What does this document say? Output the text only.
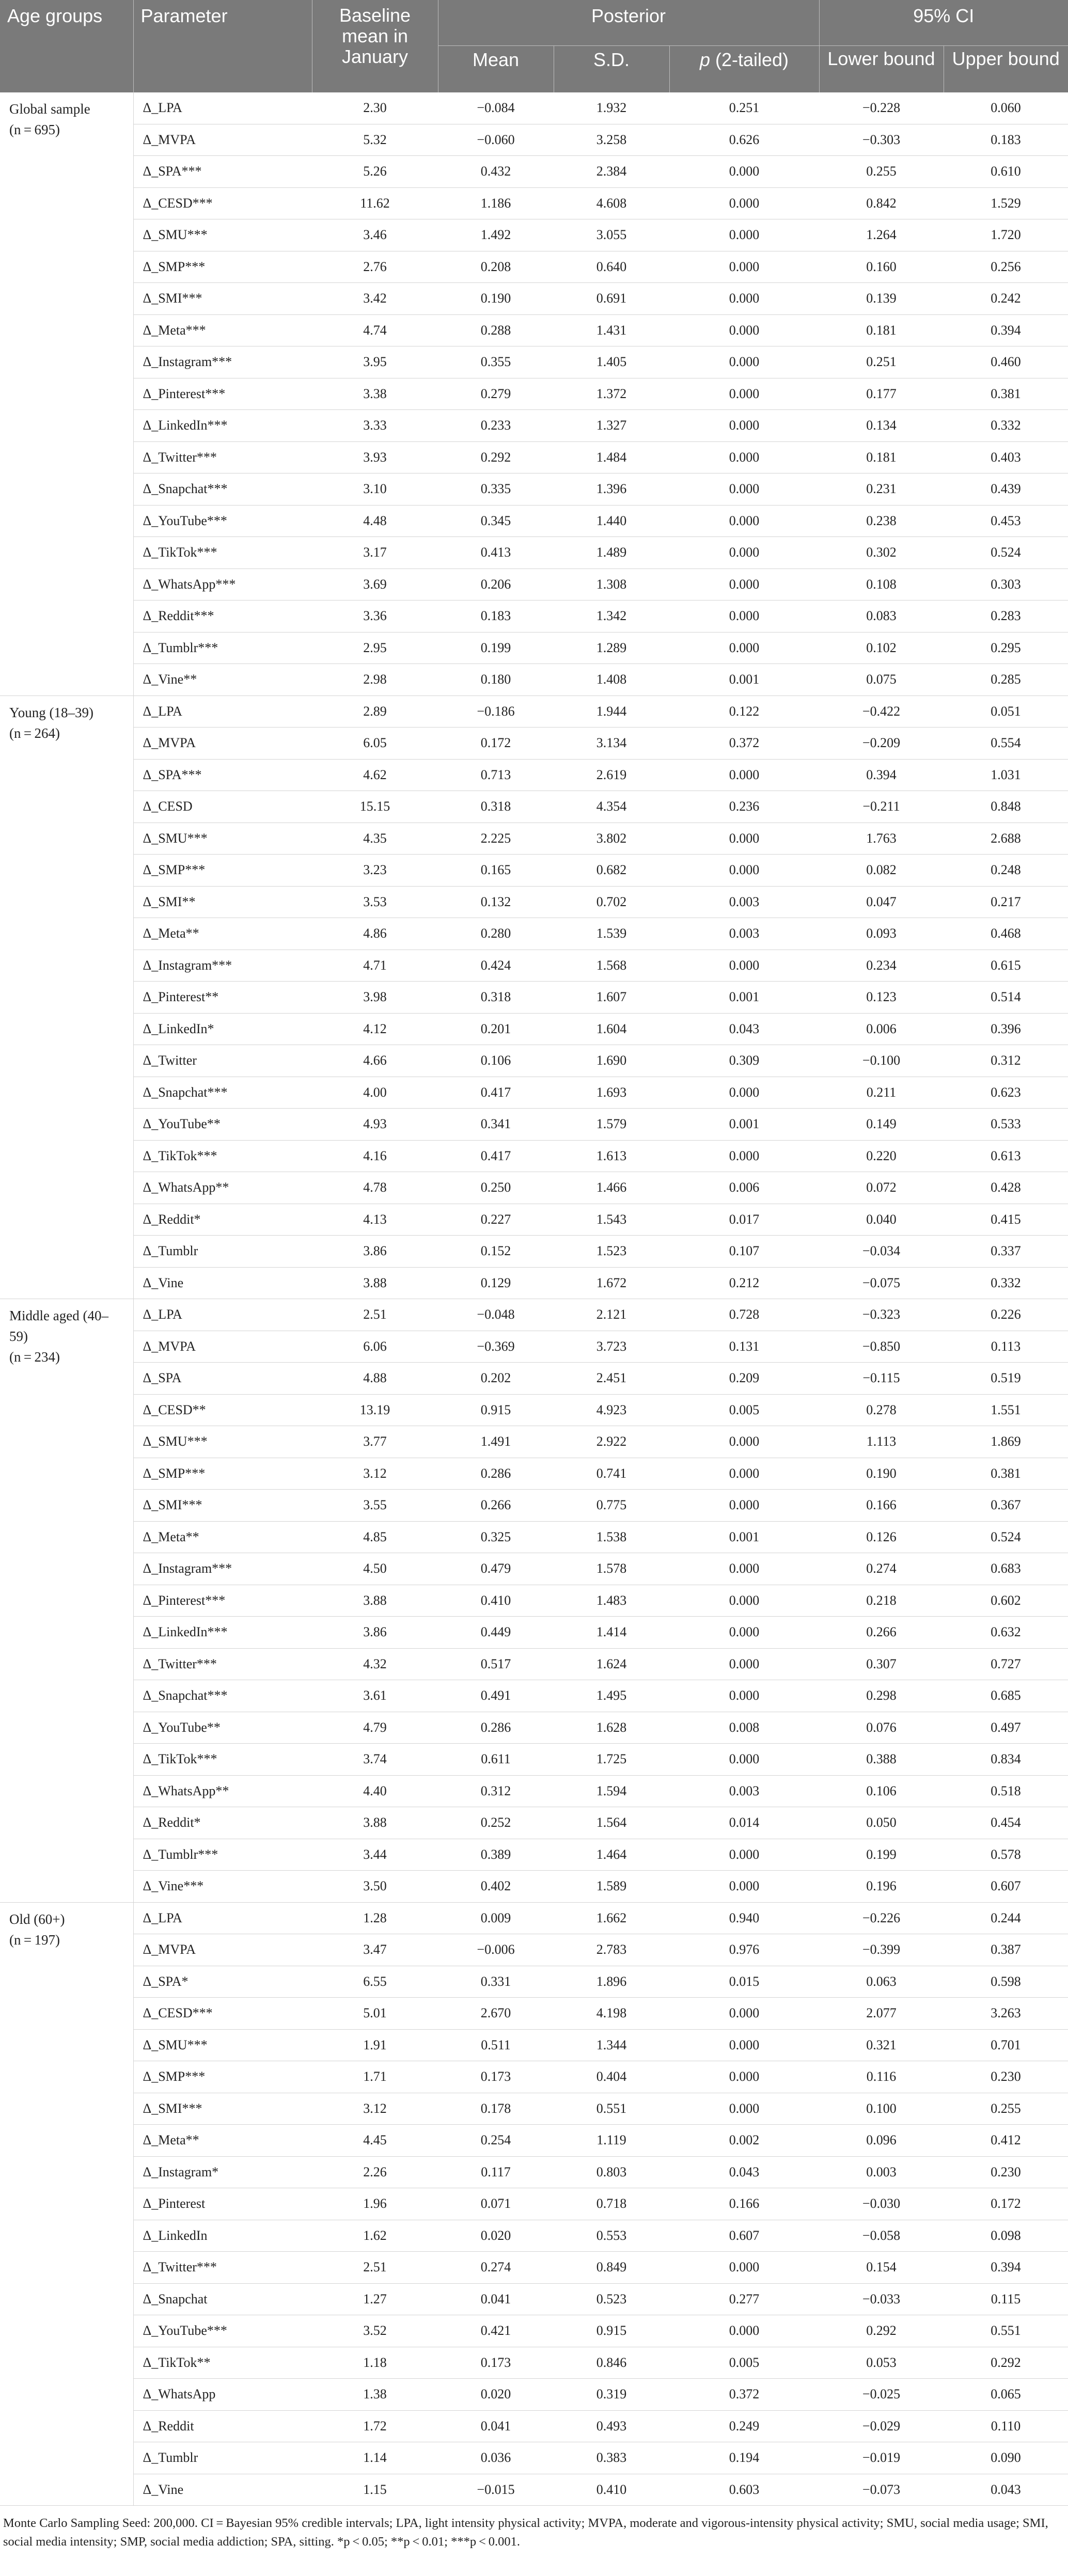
Age groups	Parameter	Baseline mean in January	Posterior			95% CI	
			Mean	S.D.	p (2-tailed)	Lower bound	Upper bound

Global sample
(n = 695)	Δ_LPA	2.30	−0.084	1.932	0.251	−0.228	0.060
	Δ_MVPA	5.32	−0.060	3.258	0.626	−0.303	0.183
	Δ_SPA***	5.26	0.432	2.384	0.000	0.255	0.610
	Δ_CESD***	11.62	1.186	4.608	0.000	0.842	1.529
	Δ_SMU***	3.46	1.492	3.055	0.000	1.264	1.720
	Δ_SMP***	2.76	0.208	0.640	0.000	0.160	0.256
	Δ_SMI***	3.42	0.190	0.691	0.000	0.139	0.242
	Δ_Meta***	4.74	0.288	1.431	0.000	0.181	0.394
	Δ_Instagram***	3.95	0.355	1.405	0.000	0.251	0.460
	Δ_Pinterest***	3.38	0.279	1.372	0.000	0.177	0.381
	Δ_LinkedIn***	3.33	0.233	1.327	0.000	0.134	0.332
	Δ_Twitter***	3.93	0.292	1.484	0.000	0.181	0.403
	Δ_Snapchat***	3.10	0.335	1.396	0.000	0.231	0.439
	Δ_YouTube***	4.48	0.345	1.440	0.000	0.238	0.453
	Δ_TikTok***	3.17	0.413	1.489	0.000	0.302	0.524
	Δ_WhatsApp***	3.69	0.206	1.308	0.000	0.108	0.303
	Δ_Reddit***	3.36	0.183	1.342	0.000	0.083	0.283
	Δ_Tumblr***	2.95	0.199	1.289	0.000	0.102	0.295
	Δ_Vine**	2.98	0.180	1.408	0.001	0.075	0.285

Young (18–39)
(n = 264)	Δ_LPA	2.89	−0.186	1.944	0.122	−0.422	0.051
	Δ_MVPA	6.05	0.172	3.134	0.372	−0.209	0.554
	Δ_SPA***	4.62	0.713	2.619	0.000	0.394	1.031
	Δ_CESD	15.15	0.318	4.354	0.236	−0.211	0.848
	Δ_SMU***	4.35	2.225	3.802	0.000	1.763	2.688
	Δ_SMP***	3.23	0.165	0.682	0.000	0.082	0.248
	Δ_SMI**	3.53	0.132	0.702	0.003	0.047	0.217
	Δ_Meta**	4.86	0.280	1.539	0.003	0.093	0.468
	Δ_Instagram***	4.71	0.424	1.568	0.000	0.234	0.615
	Δ_Pinterest**	3.98	0.318	1.607	0.001	0.123	0.514
	Δ_LinkedIn*	4.12	0.201	1.604	0.043	0.006	0.396
	Δ_Twitter	4.66	0.106	1.690	0.309	−0.100	0.312
	Δ_Snapchat***	4.00	0.417	1.693	0.000	0.211	0.623
	Δ_YouTube**	4.93	0.341	1.579	0.001	0.149	0.533
	Δ_TikTok***	4.16	0.417	1.613	0.000	0.220	0.613
	Δ_WhatsApp**	4.78	0.250	1.466	0.006	0.072	0.428
	Δ_Reddit*	4.13	0.227	1.543	0.017	0.040	0.415
	Δ_Tumblr	3.86	0.152	1.523	0.107	−0.034	0.337
	Δ_Vine	3.88	0.129	1.672	0.212	−0.075	0.332

Middle aged (40–59)
(n = 234)	Δ_LPA	2.51	−0.048	2.121	0.728	−0.323	0.226
	Δ_MVPA	6.06	−0.369	3.723	0.131	−0.850	0.113
	Δ_SPA	4.88	0.202	2.451	0.209	−0.115	0.519
	Δ_CESD**	13.19	0.915	4.923	0.005	0.278	1.551
	Δ_SMU***	3.77	1.491	2.922	0.000	1.113	1.869
	Δ_SMP***	3.12	0.286	0.741	0.000	0.190	0.381
	Δ_SMI***	3.55	0.266	0.775	0.000	0.166	0.367
	Δ_Meta**	4.85	0.325	1.538	0.001	0.126	0.524
	Δ_Instagram***	4.50	0.479	1.578	0.000	0.274	0.683
	Δ_Pinterest***	3.88	0.410	1.483	0.000	0.218	0.602
	Δ_LinkedIn***	3.86	0.449	1.414	0.000	0.266	0.632
	Δ_Twitter***	4.32	0.517	1.624	0.000	0.307	0.727
	Δ_Snapchat***	3.61	0.491	1.495	0.000	0.298	0.685
	Δ_YouTube**	4.79	0.286	1.628	0.008	0.076	0.497
	Δ_TikTok***	3.74	0.611	1.725	0.000	0.388	0.834
	Δ_WhatsApp**	4.40	0.312	1.594	0.003	0.106	0.518
	Δ_Reddit*	3.88	0.252	1.564	0.014	0.050	0.454
	Δ_Tumblr***	3.44	0.389	1.464	0.000	0.199	0.578
	Δ_Vine***	3.50	0.402	1.589	0.000	0.196	0.607

Old (60+)
(n = 197)	Δ_LPA	1.28	0.009	1.662	0.940	−0.226	0.244
	Δ_MVPA	3.47	−0.006	2.783	0.976	−0.399	0.387
	Δ_SPA*	6.55	0.331	1.896	0.015	0.063	0.598
	Δ_CESD***	5.01	2.670	4.198	0.000	2.077	3.263
	Δ_SMU***	1.91	0.511	1.344	0.000	0.321	0.701
	Δ_SMP***	1.71	0.173	0.404	0.000	0.116	0.230
	Δ_SMI***	3.12	0.178	0.551	0.000	0.100	0.255
	Δ_Meta**	4.45	0.254	1.119	0.002	0.096	0.412
	Δ_Instagram*	2.26	0.117	0.803	0.043	0.003	0.230
	Δ_Pinterest	1.96	0.071	0.718	0.166	−0.030	0.172
	Δ_LinkedIn	1.62	0.020	0.553	0.607	−0.058	0.098
	Δ_Twitter***	2.51	0.274	0.849	0.000	0.154	0.394
	Δ_Snapchat	1.27	0.041	0.523	0.277	−0.033	0.115
	Δ_YouTube***	3.52	0.421	0.915	0.000	0.292	0.551
	Δ_TikTok**	1.18	0.173	0.846	0.005	0.053	0.292
	Δ_WhatsApp	1.38	0.020	0.319	0.372	−0.025	0.065
	Δ_Reddit	1.72	0.041	0.493	0.249	−0.029	0.110
	Δ_Tumblr	1.14	0.036	0.383	0.194	−0.019	0.090
	Δ_Vine	1.15	−0.015	0.410	0.603	−0.073	0.043
Monte Carlo Sampling Seed: 200,000. CI = Bayesian 95% credible intervals; LPA, light intensity physical activity; MVPA, moderate and vigorous-intensity physical activity; SMU, social media usage; SMI, social media intensity; SMP, social media addiction; SPA, sitting. *p < 0.05; **p < 0.01; ***p < 0.001.
